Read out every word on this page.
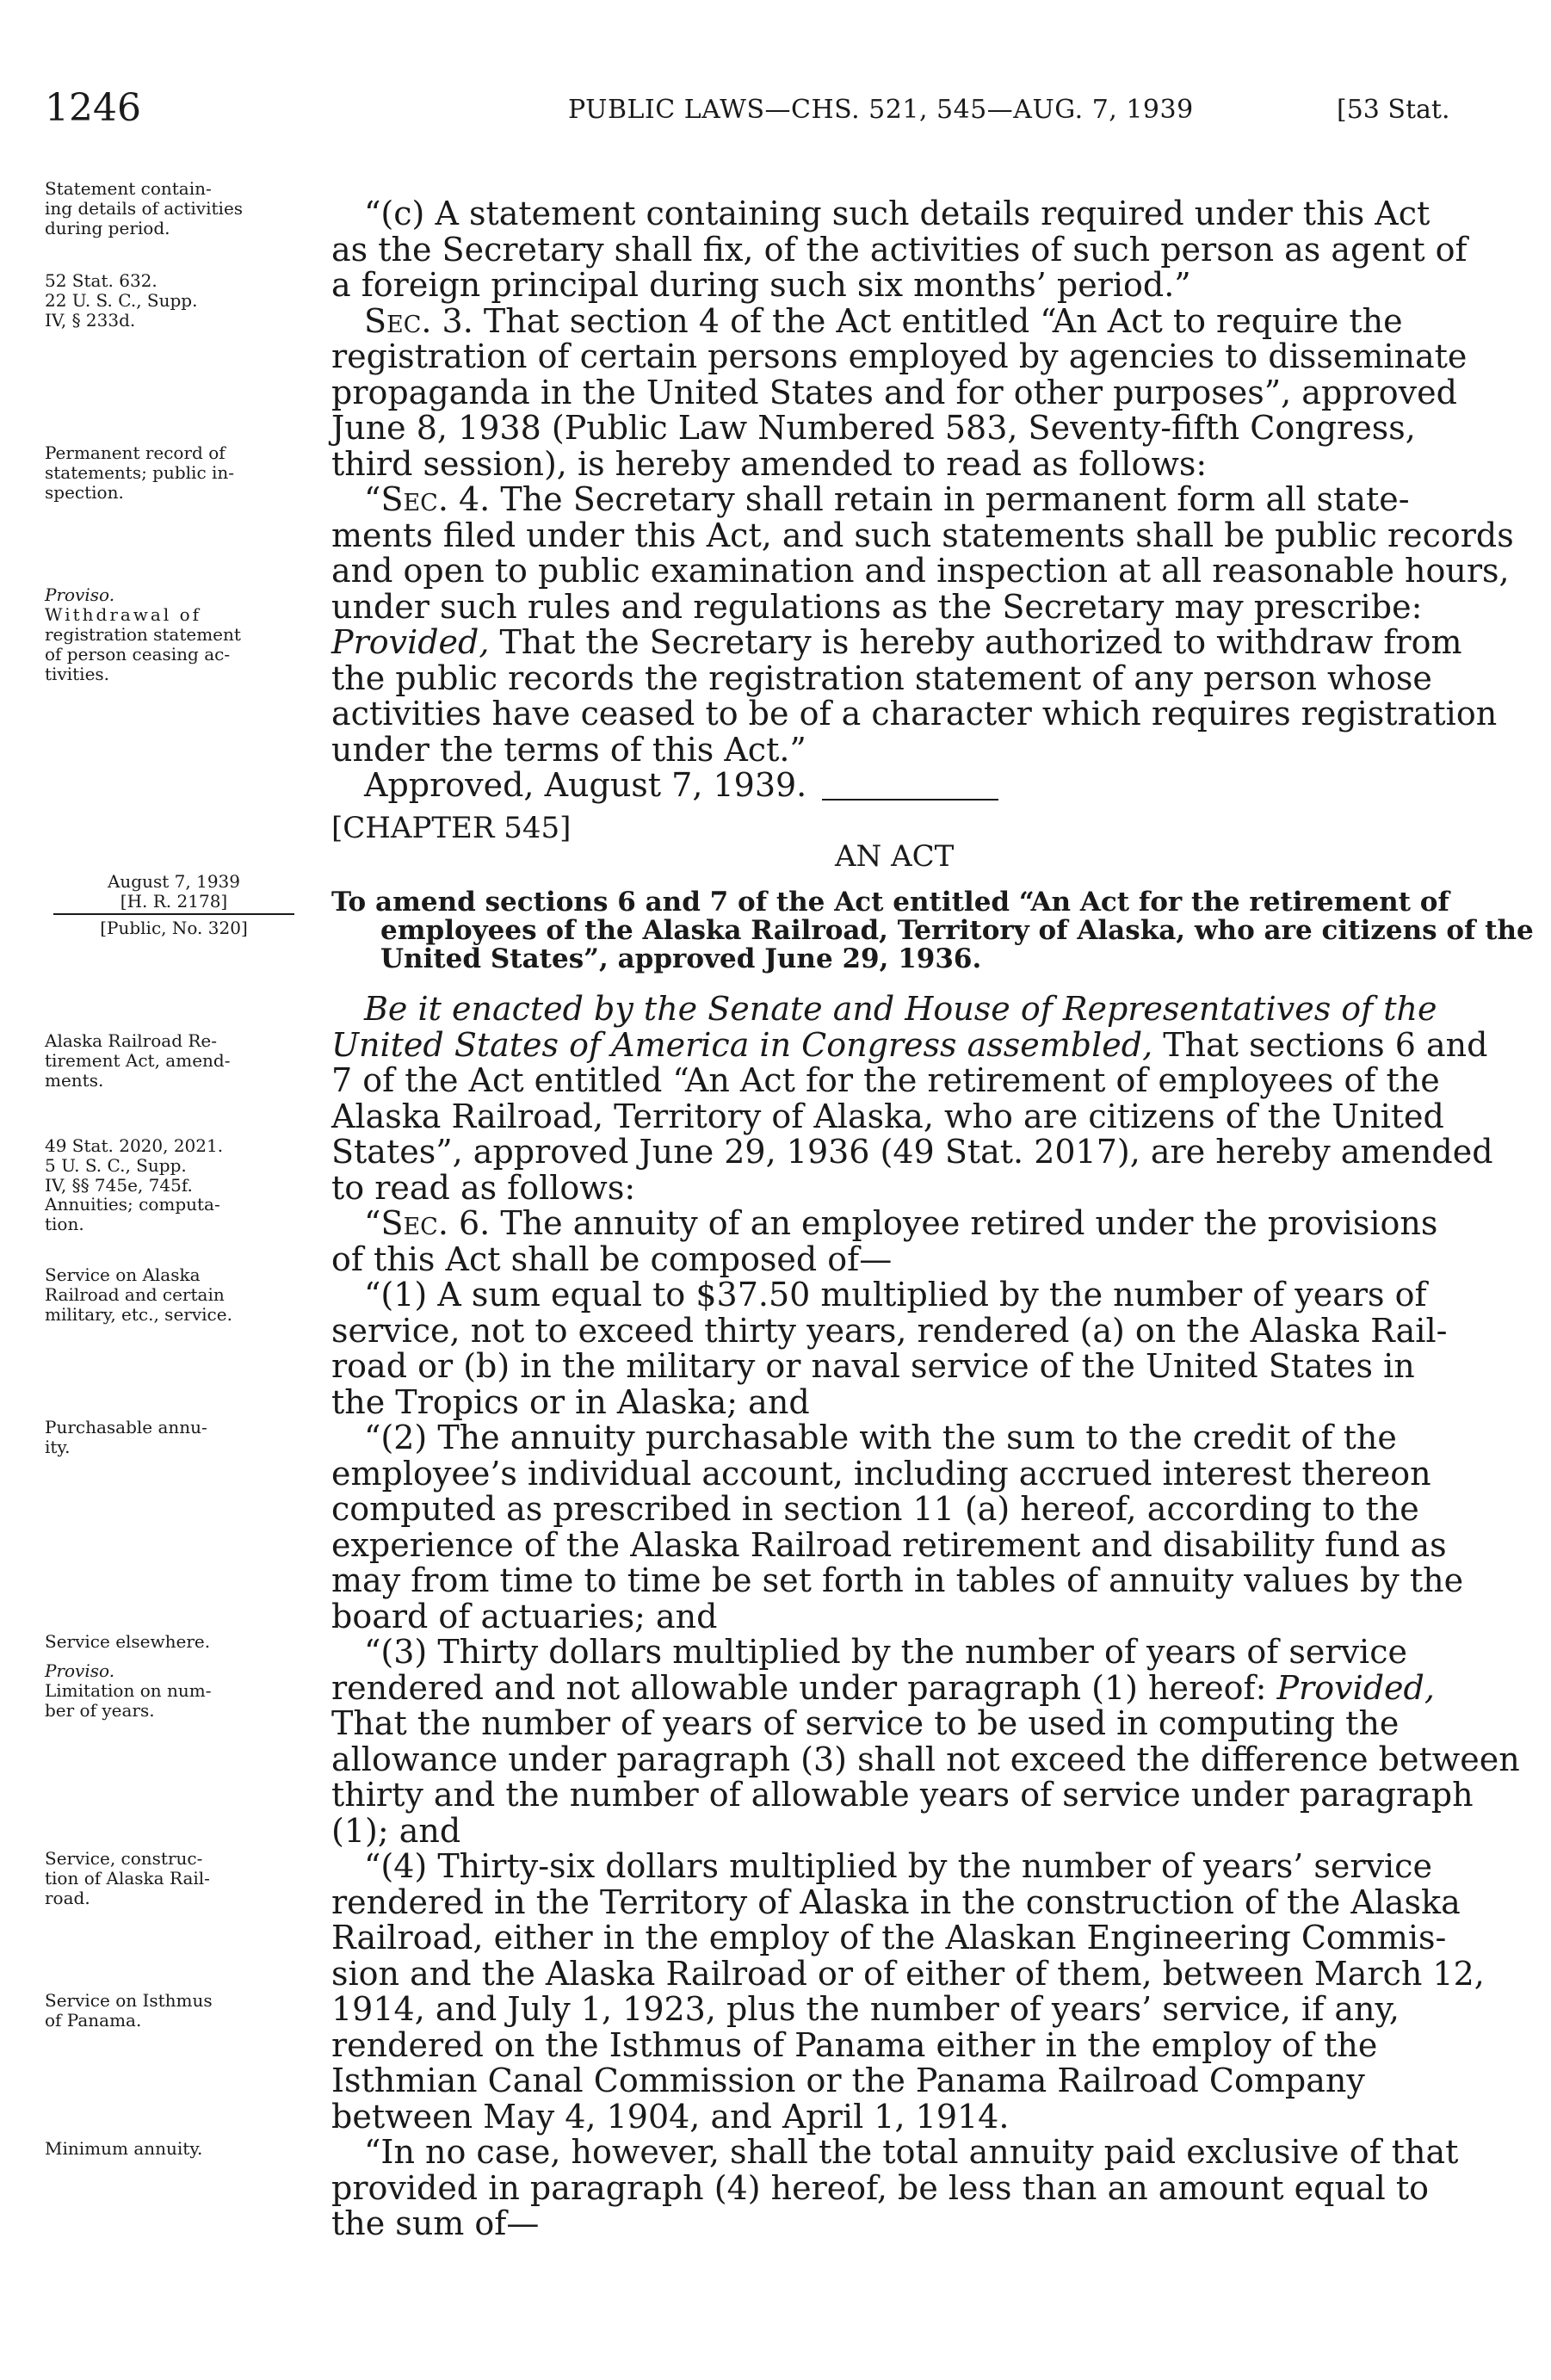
1246	PUBLIC LAWS—CHS. 521, 545—AUG. 7, 1939	[53 Stat.
Statement contain-
ing details of activities
during period.
52 Stat. 632.
22 U. S. C., Supp.
IV, § 233d.
Permanent record of
statements; public in-
spection.
Proviso.
Withdrawal of
registration statement
of person ceasing ac-
tivities.
August 7, 1939
[H. R. 2178]
[Public, No. 320]
Alaska Railroad Re-
tirement Act, amend-
ments.
49 Stat. 2020, 2021.
5 U. S. C., Supp.
IV, §§ 745e, 745f.
Annuities; computa-
tion.
Service on Alaska
Railroad and certain
military, etc., service.
Purchasable annu-
ity.
Service elsewhere.
Proviso.
Limitation on num-
ber of years.
Service, construc-
tion of Alaska Rail-
road.
Service on Isthmus
of Panama.
Minimum annuity.
“(c) A statement containing such details required under this Act
as the Secretary shall fix, of the activities of such person as agent of
a foreign principal during such six months’ period.”
Sec. 3. That section 4 of the Act entitled “An Act to require the
registration of certain persons employed by agencies to disseminate
propaganda in the United States and for other purposes”, approved
June 8, 1938 (Public Law Numbered 583, Seventy-fifth Congress,
third session), is hereby amended to read as follows:
“Sec. 4. The Secretary shall retain in permanent form all state-
ments filed under this Act, and such statements shall be public records
and open to public examination and inspection at all reasonable hours,
under such rules and regulations as the Secretary may prescribe:
Provided, That the Secretary is hereby authorized to withdraw from
the public records the registration statement of any person whose
activities have ceased to be of a character which requires registration
under the terms of this Act.”
Approved, August 7, 1939.
[CHAPTER 545]
AN ACT
To amend sections 6 and 7 of the Act entitled “An Act for the retirement of
employees of the Alaska Railroad, Territory of Alaska, who are citizens of the
United States”, approved June 29, 1936.
Be it enacted by the Senate and House of Representatives of the
United States of America in Congress assembled, That sections 6 and
7 of the Act entitled “An Act for the retirement of employees of the
Alaska Railroad, Territory of Alaska, who are citizens of the United
States”, approved June 29, 1936 (49 Stat. 2017), are hereby amended
to read as follows:
“Sec. 6. The annuity of an employee retired under the provisions
of this Act shall be composed of—
“(1) A sum equal to $37.50 multiplied by the number of years of
service, not to exceed thirty years, rendered (a) on the Alaska Rail-
road or (b) in the military or naval service of the United States in
the Tropics or in Alaska; and
“(2) The annuity purchasable with the sum to the credit of the
employee’s individual account, including accrued interest thereon
computed as prescribed in section 11 (a) hereof, according to the
experience of the Alaska Railroad retirement and disability fund as
may from time to time be set forth in tables of annuity values by the
board of actuaries; and
“(3) Thirty dollars multiplied by the number of years of service
rendered and not allowable under paragraph (1) hereof: Provided,
That the number of years of service to be used in computing the
allowance under paragraph (3) shall not exceed the difference between
thirty and the number of allowable years of service under paragraph
(1); and
“(4) Thirty-six dollars multiplied by the number of years’ service
rendered in the Territory of Alaska in the construction of the Alaska
Railroad, either in the employ of the Alaskan Engineering Commis-
sion and the Alaska Railroad or of either of them, between March 12,
1914, and July 1, 1923, plus the number of years’ service, if any,
rendered on the Isthmus of Panama either in the employ of the
Isthmian Canal Commission or the Panama Railroad Company
between May 4, 1904, and April 1, 1914.
“In no case, however, shall the total annuity paid exclusive of that
provided in paragraph (4) hereof, be less than an amount equal to
the sum of—
